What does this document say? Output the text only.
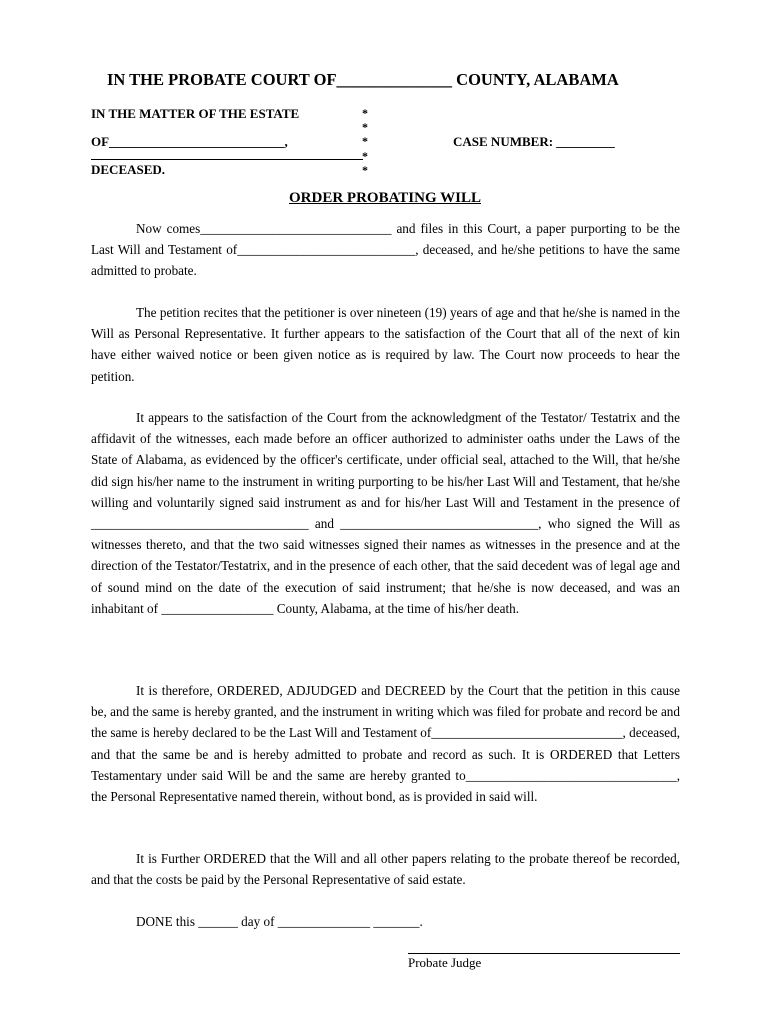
IN THE PROBATE COURT OF______________ COUNTY, ALABAMA
IN THE MATTER OF THE ESTATE
OF___________________________,
DECEASED.
CASE NUMBER: _________
*
*
*
*
*
ORDER PROBATING WILL

Now comes_____________________________ and files in this Court, a paper purporting to be the Last Will and Testament of___________________________, deceased, and he/she petitions to have the same admitted to probate.

The petition recites that the petitioner is over nineteen (19) years of age and that he/she is named in the Will as Personal Representative. It further appears to the satisfaction of the Court that all of the next of kin have either waived notice or been given notice as is required by law. The Court now proceeds to hear the petition.

It appears to the satisfaction of the Court from the acknowledgment of the Testator/ Testatrix and the affidavit of the witnesses, each made before an officer authorized to administer oaths under the Laws of the State of Alabama, as evidenced by the officer's certificate, under official seal, attached to the Will, that he/she did sign his/her name to the instrument in writing purporting to be his/her Last Will and Testament, that he/she willing and voluntarily signed said instrument as and for his/her Last Will and Testament in the presence of _________________________________ and ______________________________, who signed the Will as witnesses thereto, and that the two said witnesses signed their names as witnesses in the presence and at the direction of the Testator/Testatrix, and in the presence of each other, that the said decedent was of legal age and of sound mind on the date of the execution of said instrument; that he/she is now deceased, and was an inhabitant of _________________ County, Alabama, at the time of his/her death.

It is therefore, ORDERED, ADJUDGED and DECREED by the Court that the petition in this cause be, and the same is hereby granted, and the instrument in writing which was filed for probate and record be and the same is hereby declared to be the Last Will and Testament of_____________________________, deceased, and that the same be and is hereby admitted to probate and record as such. It is ORDERED that Letters Testamentary under said Will be and the same are hereby granted to________________________________, the Personal Representative named therein, without bond, as is provided in said will.

It is Further ORDERED that the Will and all other papers relating to the probate thereof be recorded, and that the costs be paid by the Personal Representative of said estate.

DONE this ______ day of ______________ _______.

Probate Judge
